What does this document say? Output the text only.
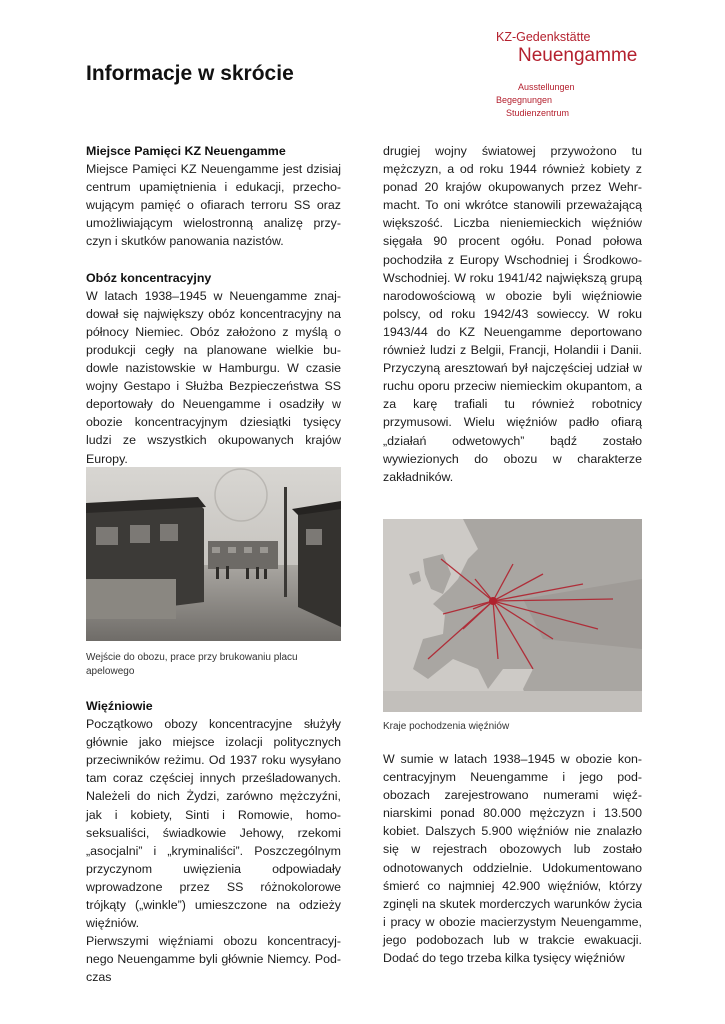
Informacje w skrócie
KZ-Gedenkstätte
Neuengamme
Ausstellungen
Begegnungen
Studienzentrum
Miejsce Pamięci KZ Neuengamme

Miejsce Pamięci KZ Neuengamme jest dzisiaj centrum upamiętnienia i edukacji, przecho-wującym pamięć o ofiarach terroru SS oraz umożliwiającym wielostronną analizę przy-czyn i skutków panowania nazistów.

Obóz koncentracyjny

W latach 1938–1945 w Neuengamme znaj-dował się największy obóz koncentracyjny na północy Niemiec. Obóz założono z myślą o produkcji cegły na planowane wielkie bu-dowle nazistowskie w Hamburgu. W czasie wojny Gestapo i Służba Bezpieczeństwa SS deportowały do Neuengamme i osadziły w obozie koncentracyjnym dziesiątki tysięcy ludzi ze wszystkich okupowanych krajów Europy.

Wejście do obozu, prace przy brukowaniu placu apelowego
Więźniowie

Początkowo obozy koncentracyjne służyły głównie jako miejsce izolacji politycznych przeciwników reżimu. Od 1937 roku wysyłano tam coraz częściej innych prześladowanych. Należeli do nich Żydzi, zarówno mężczyźni, jak i kobiety, Sinti i Romowie, homo-seksualiści, świadkowie Jehowy, rzekomi „asocjalni” i „kryminaliści”. Poszczególnym przyczynom uwięzienia odpowiadały wprowadzone przez SS różnokolorowe trójkąty („winkle”) umieszczone na odzieży więźniów.

Pierwszymi więźniami obozu koncentracyj-nego Neuengamme byli głównie Niemcy. Pod-czas

drugiej wojny światowej przywożono tu mężczyzn, a od roku 1944 również kobiety z ponad 20 krajów okupowanych przez Wehr-macht. To oni wkrótce stanowili przeważającą większość. Liczba nieniemieckich więźniów sięgała 90 procent ogółu. Ponad połowa pochodziła z Europy Wschodniej i Środkowo-Wschodniej. W roku 1941/42 największą grupą narodowościową w obozie byli więźniowie polscy, od roku 1942/43 sowieccy. W roku 1943/44 do KZ Neuengamme deportowano również ludzi z Belgii, Francji, Holandii i Danii. Przyczyną aresztowań był najczęściej udział w ruchu oporu przeciw niemieckim okupantom, a za karę trafiali tu również robotnicy przymusowi. Wielu więźniów padło ofiarą „działań odwetowych” bądź zostało wywiezionych do obozu w charakterze zakładników.

Kraje pochodzenia więźniów

W sumie w latach 1938–1945 w obozie kon-centracyjnym Neuengamme i jego pod-obozach zarejestrowano numerami więź-niarskimi ponad 80.000 mężczyzn i 13.500 kobiet. Dalszych 5.900 więźniów nie znalazło się w rejestrach obozowych lub zostało odnotowanych oddzielnie. Udokumentowano śmierć co najmniej 42.900 więźniów, którzy zginęli na skutek morderczych warunków życia i pracy w obozie macierzystym Neuengamme, jego podobozach lub w trakcie ewakuacji. Dodać do tego trzeba kilka tysięcy więźniów
